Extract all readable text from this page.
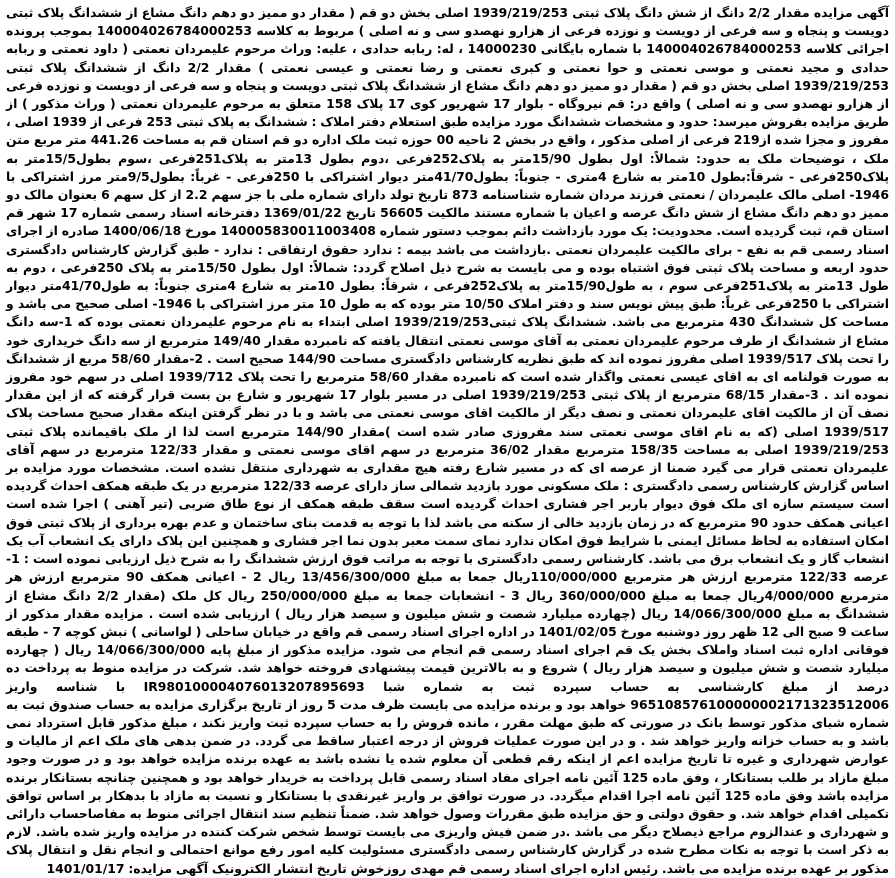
آگهی مزایده مقدار 2/2 دانگ از شش دانگ پلاک ثبتی 1939/219/253 اصلی بخش دو قم ( مقدار دو ممیز دو دهم دانگ مشاع از ششدانگ پلاک ثبتی دویست و پنجاه و سه فرعی از دویست و نوزده فرعی از هزارو نهصدو سی و نه اصلی ) مربوط به کلاسه 140004026784000253 بموجب پرونده اجرائی کلاسه 140004026784000253 با شماره بایگانی 14000230 ، له: ربابه حدادی ، علیه: وراث مرحوم علیمردان نعمتی ( داود نعمتی و ربابه حدادی و مجید نعمتی و موسی نعمتی و حوا نعمتی و کبری نعمتی و رضا نعمتی و عیسی نعمتی ) مقدار 2/2 دانگ از ششدانگ پلاک ثبتی 1939/219/253 اصلی بخش دو قم ( مقدار دو ممیز دو دهم دانگ مشاع از ششدانگ پلاک ثبتی دویست و پنجاه و سه فرعی از دویست و نوزده فرعی از هزارو نهصدو سی و نه اصلی ) واقع در: قم نیروگاه - بلوار 17 شهریور کوی 17 پلاک 158 متعلق به مرحوم علیمردان نعمتی ( وراث مذکور ) از طریق مزایده بفروش میرسد: حدود و مشخصات ششدانگ مورد مزایده طبق استعلام دفتر املاک : ششدانگ به پلاک ثبتی 253 فرعی از 1939 اصلی ، مفروز و مجزا شده از219 فرعی از اصلی مذکور ، واقع در بخش 2 ناحیه 00 حوزه ثبت ملک اداره دو قم استان قم به مساحت 441.26 متر مربع متن ملک ، توضیحات ملک به حدود: شمالاً: اول بطول 15/90متر به پلاک252فرعی ،دوم بطول 13متر به پلاک251فرعی ،سوم بطول15/5متر به پلاک250فرعی - شرقاً:بطول 10متر به شارع 4متری - جنوباً: بطول41/70متر دیوار اشتراکی با 250فرعی - غرباً: بطول9/5متر مرز اشتراکی با 1946- اصلی مالک علیمردان / نعمتی فرزند مردان شماره شناسنامه 873 تاریخ تولد دارای شماره ملی با جز سهم 2.2 از کل سهم 6 بعنوان مالک دو ممیز دو دهم دانگ مشاع از شش دانگ عرصه و اعیان با شماره مستند مالکیت 56605 تاریخ 1369/01/22 دفترخانه اسناد رسمی شماره 17 شهر قم استان قم، ثبت گردیده است. محدودیت: یک مورد بازداشت دائم بموجب دستور شماره 140005830011003408 مورخ 1400/06/18 صادره از اجرای اسناد رسمی قم به نفع - برای مالکیت علیمردان نعمتی .بازداشت می باشد بیمه : ندارد حقوق ارتفاقی : ندارد - طبق گزارش کارشناس دادگستری حدود اربعه و مساحت پلاک ثبتی فوق اشتباه بوده و می بایست به شرح ذیل اصلاح گردد: شمالاً: اول بطول 15/50متر به پلاک 250فرعی ، دوم به طول 13متر به پلاک251فرعی سوم ، به طول15/90متر به پلاک252فرعی ، شرقاً: بطول 10متر به شارع 4متری جنوباً: به طول41/70متر دیوار اشتراکی با 250فرعی غرباً: طبق پیش نویس سند و دفتر املاک 10/50 متر بوده که به طول 10 متر مرز اشتراکی با 1946- اصلی صحیح می باشد و مساحت کل ششدانگ 430 مترمربع می باشد. ششدانگ پلاک ثبتی1939/219/253 اصلی ابتداء به نام مرحوم علیمردان نعمتی بوده که 1-سه دانگ مشاع از ششدانگ از طرف مرحوم علیمردان نعمتی به آقای موسی نعمتی انتقال یافته که نامبرده مقدار 149/40 مترمربع از سه دانگ خریداری خود را تحت پلاک 1939/517 اصلی مفروز نموده اند که طبق نظریه کارشناس دادگستری مساحت 144/90 صحیح است . 2-مقدار 58/60 مربع از ششدانگ به صورت قولنامه ای به اقای عیسی نعمتی واگذار شده است که نامبرده مقدار 58/60 مترمربع را تحت پلاک 1939/712 اصلی در سهم خود مفروز نموده اند . 3-مقدار 68/15 مترمربع از پلاک ثبتی 1939/219/253 اصلی در مسیر بلوار 17 شهریور و شارع بن بست قرار گرفته که از این مقدار نصف آن از مالکیت اقای علیمردان نعمتی و نصف دیگر از مالکیت اقای موسی نعمتی می باشد و با در نظر گرفتن اینکه مقدار صحیح مساحت پلاک 1939/517 اصلی (که به نام اقای موسی نعمتی سند مفروزی صادر شده است )مقدار 144/90 مترمربع است لذا از ملک باقیمانده پلاک ثبتی 1939/219/253 اصلی به مساحت 158/35 مترمربع مقدار 36/02 مترمربع در سهم اقای موسی نعمتی و مقدار 122/33 مترمربع در سهم آقای علیمردان نعمتی قرار می گیرد ضمنا از عرصه ای که در مسیر شارع رفته هیچ مقداری به شهرداری منتقل نشده است. مشخصات مورد مزایده بر اساس گزارش کارشناس رسمی دادگستری : ملک مسکونی مورد بازدید شمالی ساز دارای عرصه 122/33 مترمربع در یک طبقه همکف احداث گردیده است سیستم سازه ای ملک فوق دیوار باربر اجر فشاری احداث گردیده است سقف طبقه همکف از نوع طاق ضربی (تیر آهنی ) اجرا شده است اعیانی همکف حدود 90 مترمربع که در زمان بازدید خالی از سکنه می باشد لذا با توجه به قدمت بنای ساختمان و عدم بهره برداری از پلاک ثبتی فوق امکان استفاده به لحاظ مسائل ایمنی با شرایط فوق امکان ندارد نمای سمت معبر بدون نما اجر فشاری و همچنین این پلاک دارای یک انشعاب آب یک انشعاب گاز و یک انشعاب برق می باشد. کارشناس رسمی دادگستری با توجه به مراتب فوق ارزش ششدانگ را به شرح ذیل ارزیابی نموده است : 1- عرصه 122/33 مترمربع ارزش هر مترمربع 110/000/000ریال جمعا به مبلغ 13/456/300/000 ریال 2 - اعیانی همکف 90 مترمربع ارزش هر مترمربع 4/000/000ریال جمعا به مبلغ 360/000/000 ریال 3 - انشعابات جمعا به مبلغ 250/000/000 ریال کل ملک (مقدار 2/2 دانگ مشاع از ششدانگ به مبلغ 14/066/300/000 ریال (چهارده میلیارد شصت و شش میلیون و سیصد هزار ریال ) ارزیابی شده است . مزایده مقدار مذکور از ساعت 9 صبح الی 12 ظهر روز دوشنبه مورخ 1401/02/05 در اداره اجرای اسناد رسمی قم واقع در خیابان ساحلی ( لواسانی ) نبش کوچه 7 - طبقه فوقانی اداره ثبت اسناد واملاک بخش یک قم اجرای اسناد رسمی قم انجام می شود. مزایده مذکور از مبلغ پایه 14/066/300/000 ریال ( چهارده میلیارد شصت و شش میلیون و سیصد هزار ریال ) شروع و به بالاترین قیمت پیشنهادی فروخته خواهد شد. شرکت در مزایده منوط به پرداخت ده درصد از مبلغ کارشناسی به حساب سپرده ثبت به شماره شبا IR980100004076013207895693 با شناسه واریز 965108576100000002171323512006 خواهد بود و برنده مزایده می بایست ظرف مدت 5 روز از تاریخ برگزاری مزایده به حساب صندوق ثبت به شماره شبای مذکور توسط بانک در صورتی که طبق مهلت مقرر ، مانده فروش را به حساب سپرده ثبت واریز نکند ، مبلغ مذکور قابل استرداد نمی باشد و به حساب خزانه واریز خواهد شد . و در این صورت عملیات فروش از درجه اعتبار ساقط می گردد. در ضمن بدهی های ملک اعم از مالیات و عوارض شهرداری و غیره تا تاریخ مزایده اعم از اینکه رقم قطعی آن معلوم شده یا نشده باشد به عهده برنده مزایده خواهد بود و در صورت وجود مبلغ مازاد بر طلب بستانکار ، وفق ماده 125 آئین نامه اجرای مفاد اسناد رسمی قابل پرداخت به خریدار خواهد بود و همچنین چنانچه بستانکار برنده مزایده باشد وفق ماده 125 آئین نامه اجرا اقدام میگردد. در صورت توافق بر واریز غیرنقدی با بستانکار و نسبت به مازاد با بدهکار بر اساس توافق تکمیلی اقدام خواهد شد. و حقوق دولتی و حق مزایده طبق مقررات وصول خواهد شد. ضمناً تنظیم سند انتقال اجرائی منوط به مفاصاحساب دارائی و شهرداری و عندالزوم مراجع ذیصلاح دیگر می باشد .در ضمن فیش واریزی می بایست توسط شخص شرکت کننده در مزایده واریز شده باشد. لازم به ذکر است با توجه به نکات مطرح شده در گزارش کارشناس رسمی دادگستری مسئولیت کلیه امور رفع موانع احتمالی و انجام نقل و انتقال پلاک مذکور بر عهده برنده مزایده می باشد. رئیس اداره اجرای اسناد رسمی قم مهدی روزخوش تاریخ انتشار الکترونیک آگهی مزایده: 1401/01/17
